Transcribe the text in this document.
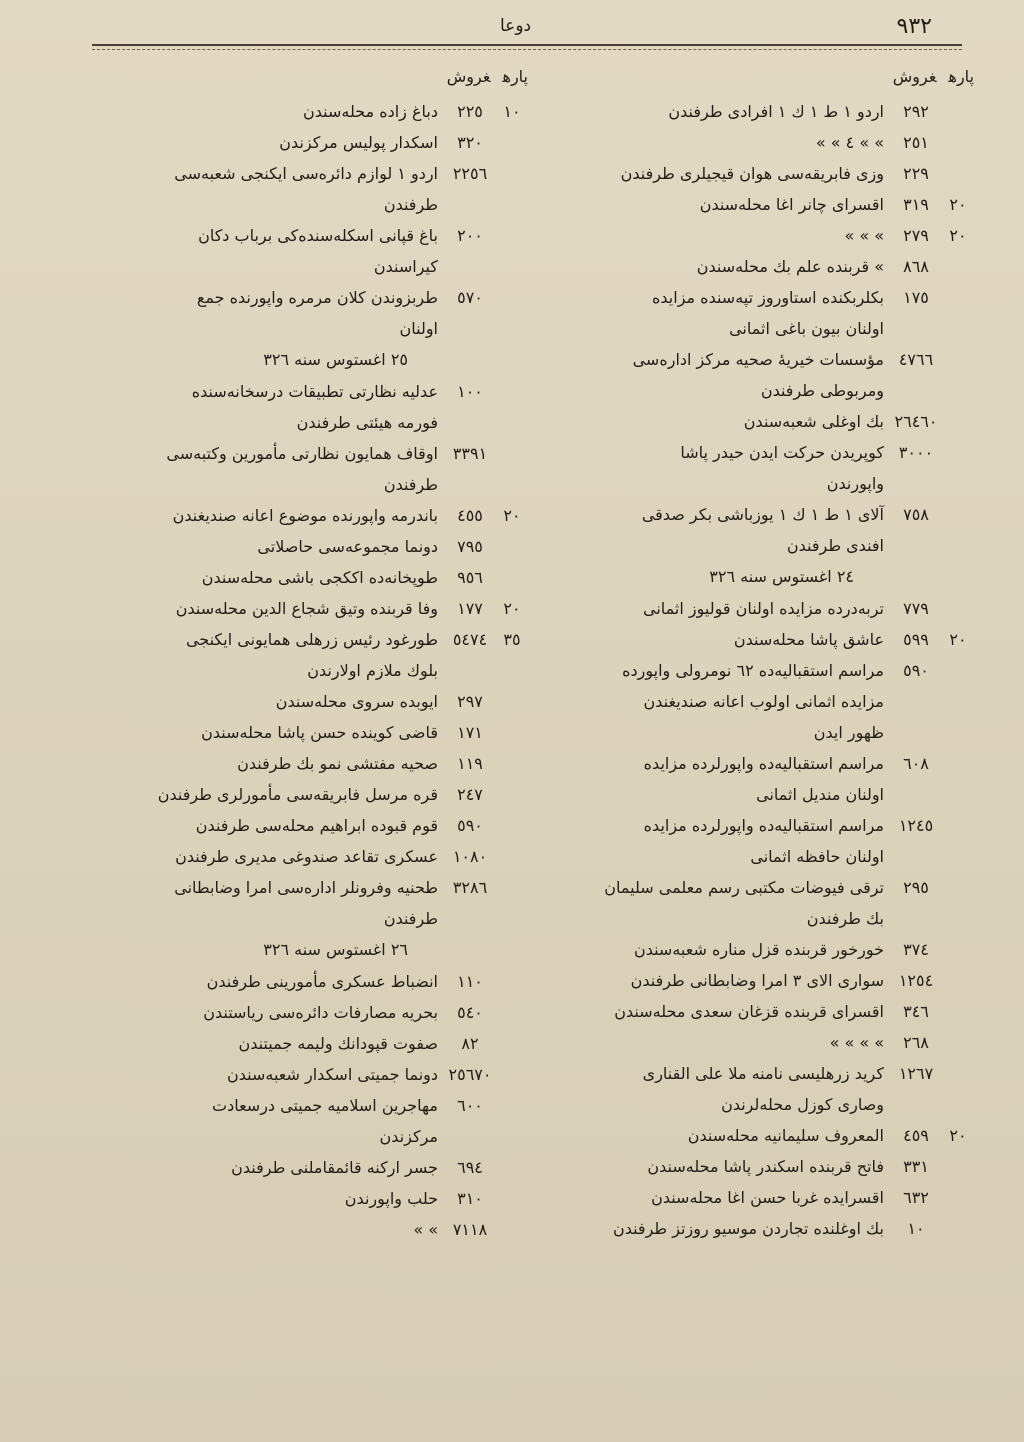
٩٣٢
دوعا
پارهغروش
٢٩٢
اردو ١ ط ١ ك ١ افرادى طرفندن
٢٥١
» » ٤ » »
٢٢٩
وزى فابريقه‌سى هوان قيجيلرى طرفندن
٢٠
٣١٩
اقسراى چانر اغا محله‌سندن
٢٠
٢٧٩
» » »
٨٦٨
» قربنده علم بك محله‌سندن
١٧٥
بكلربكنده استاوروز تپه‌سنده مزايده
اولنان بيون باغى اثمانى
٤٧٦٦
مؤسسات خيريهٔ صحيه مركز اداره‌سى
ومربوطى طرفندن
٢٦٤٦٠
بك اوغلى شعبه‌سندن
٣٠٠٠
كوپريدن حركت ايدن حيدر پاشا
واپورندن
٧٥٨
آلاى ١ ط ١ ك ١ يوزباشى بكر صدقى
افندى طرفندن
٢٤ اغستوس سنه ٣٢٦
٧٧٩
تربه‌درده مزايده اولنان قوليوز اثمانى
٢٠
٥٩٩
عاشق پاشا محله‌سندن
٥٩٠
مراسم استقباليه‌ده ٦٢ نومرولى واپورده
مزايده اثمانى اولوب اعانه صنديغندن
ظهور ايدن
٦٠٨
مراسم استقباليه‌ده واپورلرده مزايده
اولنان منديل اثمانى
١٢٤٥
مراسم استقباليه‌ده واپورلرده مزايده
اولنان حافظه اثمانى
٢٩٥
ترقى فيوضات مكتبى رسم معلمى سليمان
بك طرفندن
٣٧٤
خورخور قربنده قزل مناره شعبه‌سندن
١٢٥٤
سوارى الاى ٣ امرا وضابطانى طرفندن
٣٤٦
اقسراى قربنده قزغان سعدى محله‌سندن
٢٦٨
» » » »
١٢٦٧
كريد زرهليسى نامنه ملا على القنارى
وصارى كوزل محله‌لرندن
٢٠
٤٥٩
المعروف سليمانيه محله‌سندن
٣٣١
فاتح قربنده اسكندر پاشا محله‌سندن
٦٣٢
اقسرايده غربا حسن اغا محله‌سندن
١٠
بك اوغلنده تجاردن موسيو روزتز طرفندن
پارهغروش
١٠
٢٢٥
دباغ زاده محله‌سندن
٣٢٠
اسكدار پوليس مركزندن
٢٢٥٦
اردو ١ لوازم دائره‌سى ايكنجى شعبه‌سى
طرفندن
٢٠٠
باغ قپانى اسكله‌سنده‌كى برباب دكان
كيراسندن
٥٧٠
طربزوندن كلان مرمره واپورنده جمع
اولنان
٢٥ اغستوس سنه ٣٢٦
١٠٠
عدليه نظارتى تطبيقات درسخانه‌سنده
فورمه هيئتى طرفندن
٣٣٩١
اوقاف همايون نظارتى مأمورين وكتبه‌سى
طرفندن
٢٠
٤٥٥
باندرمه واپورنده موضوع اعانه صنديغندن
٧٩٥
دونما مجموعه‌سى حاصلاتى
٩٥٦
طوپخانه‌ده اككجى باشى محله‌سندن
٢٠
١٧٧
وفا قربنده وتيق شجاع الدين محله‌سندن
٣٥
٥٤٧٤
طورغود رئيس زرهلى همايونى ايكنجى
بلوك ملازم اولارندن
٢٩٧
ايوبده سروى محله‌سندن
١٧١
قاضى كوينده حسن پاشا محله‌سندن
١١٩
صحيه مفتشى نمو بك طرفندن
٢٤٧
قره مرسل فابريقه‌سى مأمورلرى طرفندن
٥٩٠
قوم قبوده ابراهيم محله‌سى طرفندن
١٠٨٠
عسكرى تقاعد صندوغى مديرى طرفندن
٣٢٨٦
طحنيه وفرونلر اداره‌سى امرا وضابطانى
طرفندن
٢٦ اغستوس سنه ٣٢٦
١١٠
انضباط عسكرى مأمورينى طرفندن
٥٤٠
بحريه مصارفات دائره‌سى رياستندن
٨٢
صفوت قپودانك وليمه جميتندن
٢٥٦٧٠
دونما جميتى اسكدار شعبه‌سندن
٦٠٠
مهاجرين اسلاميه جميتى درسعادت
مركزندن
٦٩٤
جسر اركنه قائمقاملنى طرفندن
٣١٠
حلب واپورندن
٧١١٨
» »
